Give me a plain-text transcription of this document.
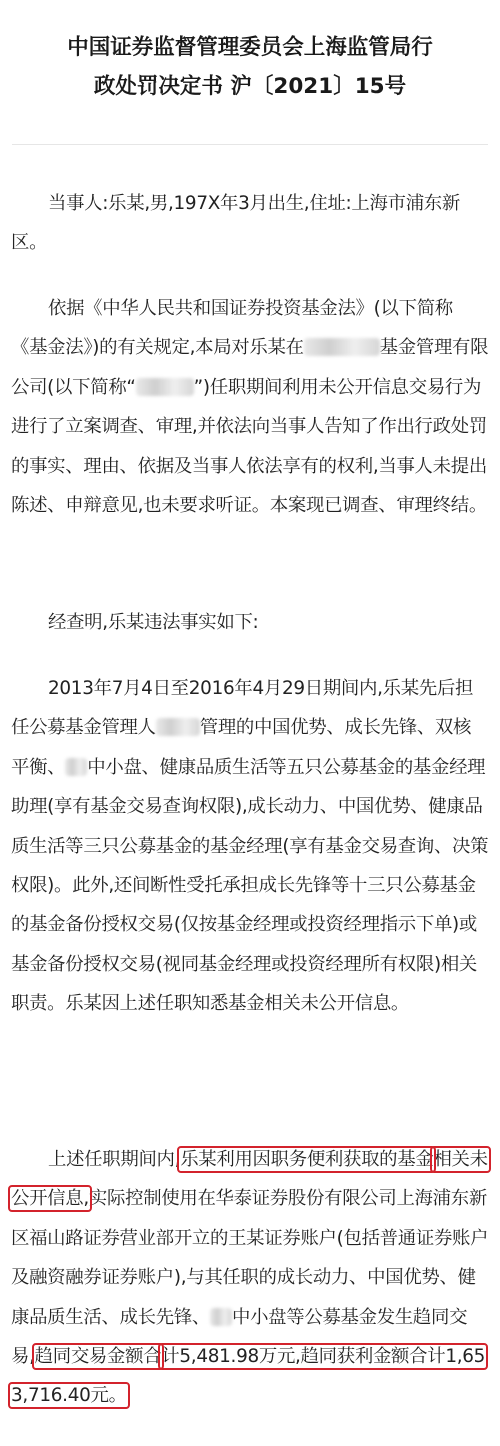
中国证券监督管理委员会上海监管局行
政处罚决定书 沪〔2021〕15号

当事人:乐某,男,197X年3月出生,住址:上海市浦东新区。

依据《中华人民共和国证券投资基金法》(以下简称《基金法》)的有关规定,本局对乐某在	基金管理有限公司(以下简称“	”)任职期间利用未公开信息交易行为进行了立案调查、审理,并依法向当事人告知了作出行政处罚的事实、理由、依据及当事人依法享有的权利,当事人未提出陈述、申辩意见,也未要求听证。本案现已调查、审理终结。

经查明,乐某违法事实如下:

2013年7月4日至2016年4月29日期间内,乐某先后担任公募基金管理人 管理的中国优势、成长先锋、双核平衡、 中小盘、健康品质生活等五只公募基金的基金经理助理(享有基金交易查询权限),成长动力、中国优势、健康品质生活等三只公募基金的基金经理(享有基金交易查询、决策权限)。此外,还间断性受托承担成长先锋等十三只公募基金的基金备份授权交易(仅按基金经理或投资经理指示下单)或基金备份授权交易(视同基金经理或投资经理所有权限)相关职责。乐某因上述任职知悉基金相关未公开信息。

上述任职期间内,乐某利用因职务便利获取的基金相关未公开信息,实际控制使用在华泰证券股份有限公司上海浦东新区福山路证券营业部开立的王某证券账户(包括普通证券账户及融资融券证券账户),与其任职的成长动力、中国优势、健康品质生活、成长先锋、 中小盘等公募基金发生趋同交易,趋同交易金额合计5,481.98万元,趋同获利金额合计1,653,716.40元。
